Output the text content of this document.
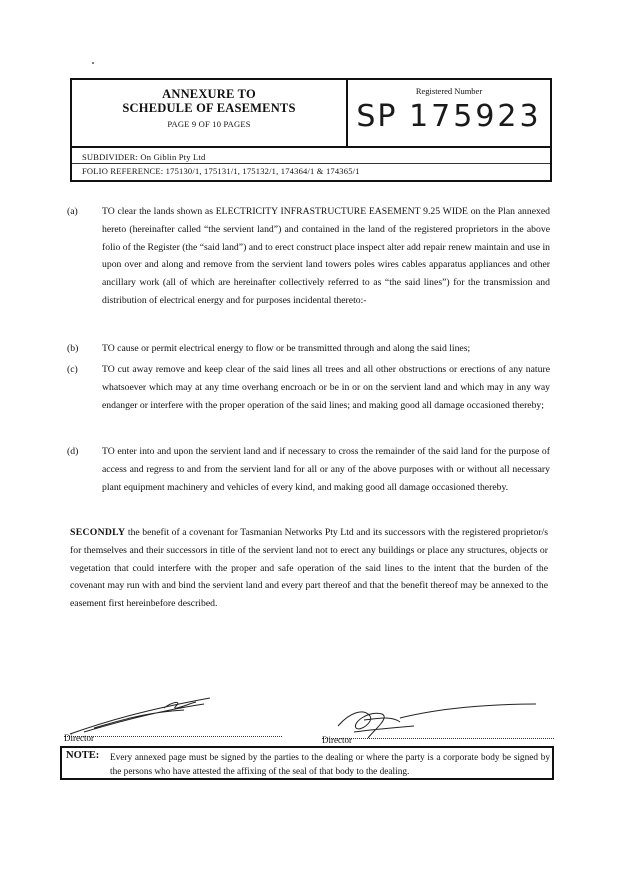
ANNEXURE TO
SCHEDULE OF EASEMENTS
PAGE 9 OF 10 PAGES
Registered Number
SP 175923
SUBDIVIDER: On Giblin Pty Ltd
FOLIO REFERENCE: 175130/1, 175131/1, 175132/1, 174364/1 & 174365/1
(a) TO clear the lands shown as ELECTRICITY INFRASTRUCTURE EASEMENT 9.25 WIDE on the Plan annexed hereto (hereinafter called “the servient land”) and contained in the land of the registered proprietors in the above folio of the Register (the “said land”) and to erect construct place inspect alter add repair renew maintain and use in upon over and along and remove from the servient land towers poles wires cables apparatus appliances and other ancillary work (all of which are hereinafter collectively referred to as “the said lines”) for the transmission and distribution of electrical energy and for purposes incidental thereto:-
(b) TO cause or permit electrical energy to flow or be transmitted through and along the said lines;
(c) TO cut away remove and keep clear of the said lines all trees and all other obstructions or erections of any nature whatsoever which may at any time overhang encroach or be in or on the servient land and which may in any way endanger or interfere with the proper operation of the said lines; and making good all damage occasioned thereby;
(d) TO enter into and upon the servient land and if necessary to cross the remainder of the said land for the purpose of access and regress to and from the servient land for all or any of the above purposes with or without all necessary plant equipment machinery and vehicles of every kind, and making good all damage occasioned thereby.
SECONDLY the benefit of a covenant for Tasmanian Networks Pty Ltd and its successors with the registered proprietor/s for themselves and their successors in title of the servient land not to erect any buildings or place any structures, objects or vegetation that could interfere with the proper and safe operation of the said lines to the intent that the burden of the covenant may run with and bind the servient land and every part thereof and that the benefit thereof may be annexed to the easement first hereinbefore described.
Director	Director
NOTE: Every annexed page must be signed by the parties to the dealing or where the party is a corporate body be signed by the persons who have attested the affixing of the seal of that body to the dealing.
